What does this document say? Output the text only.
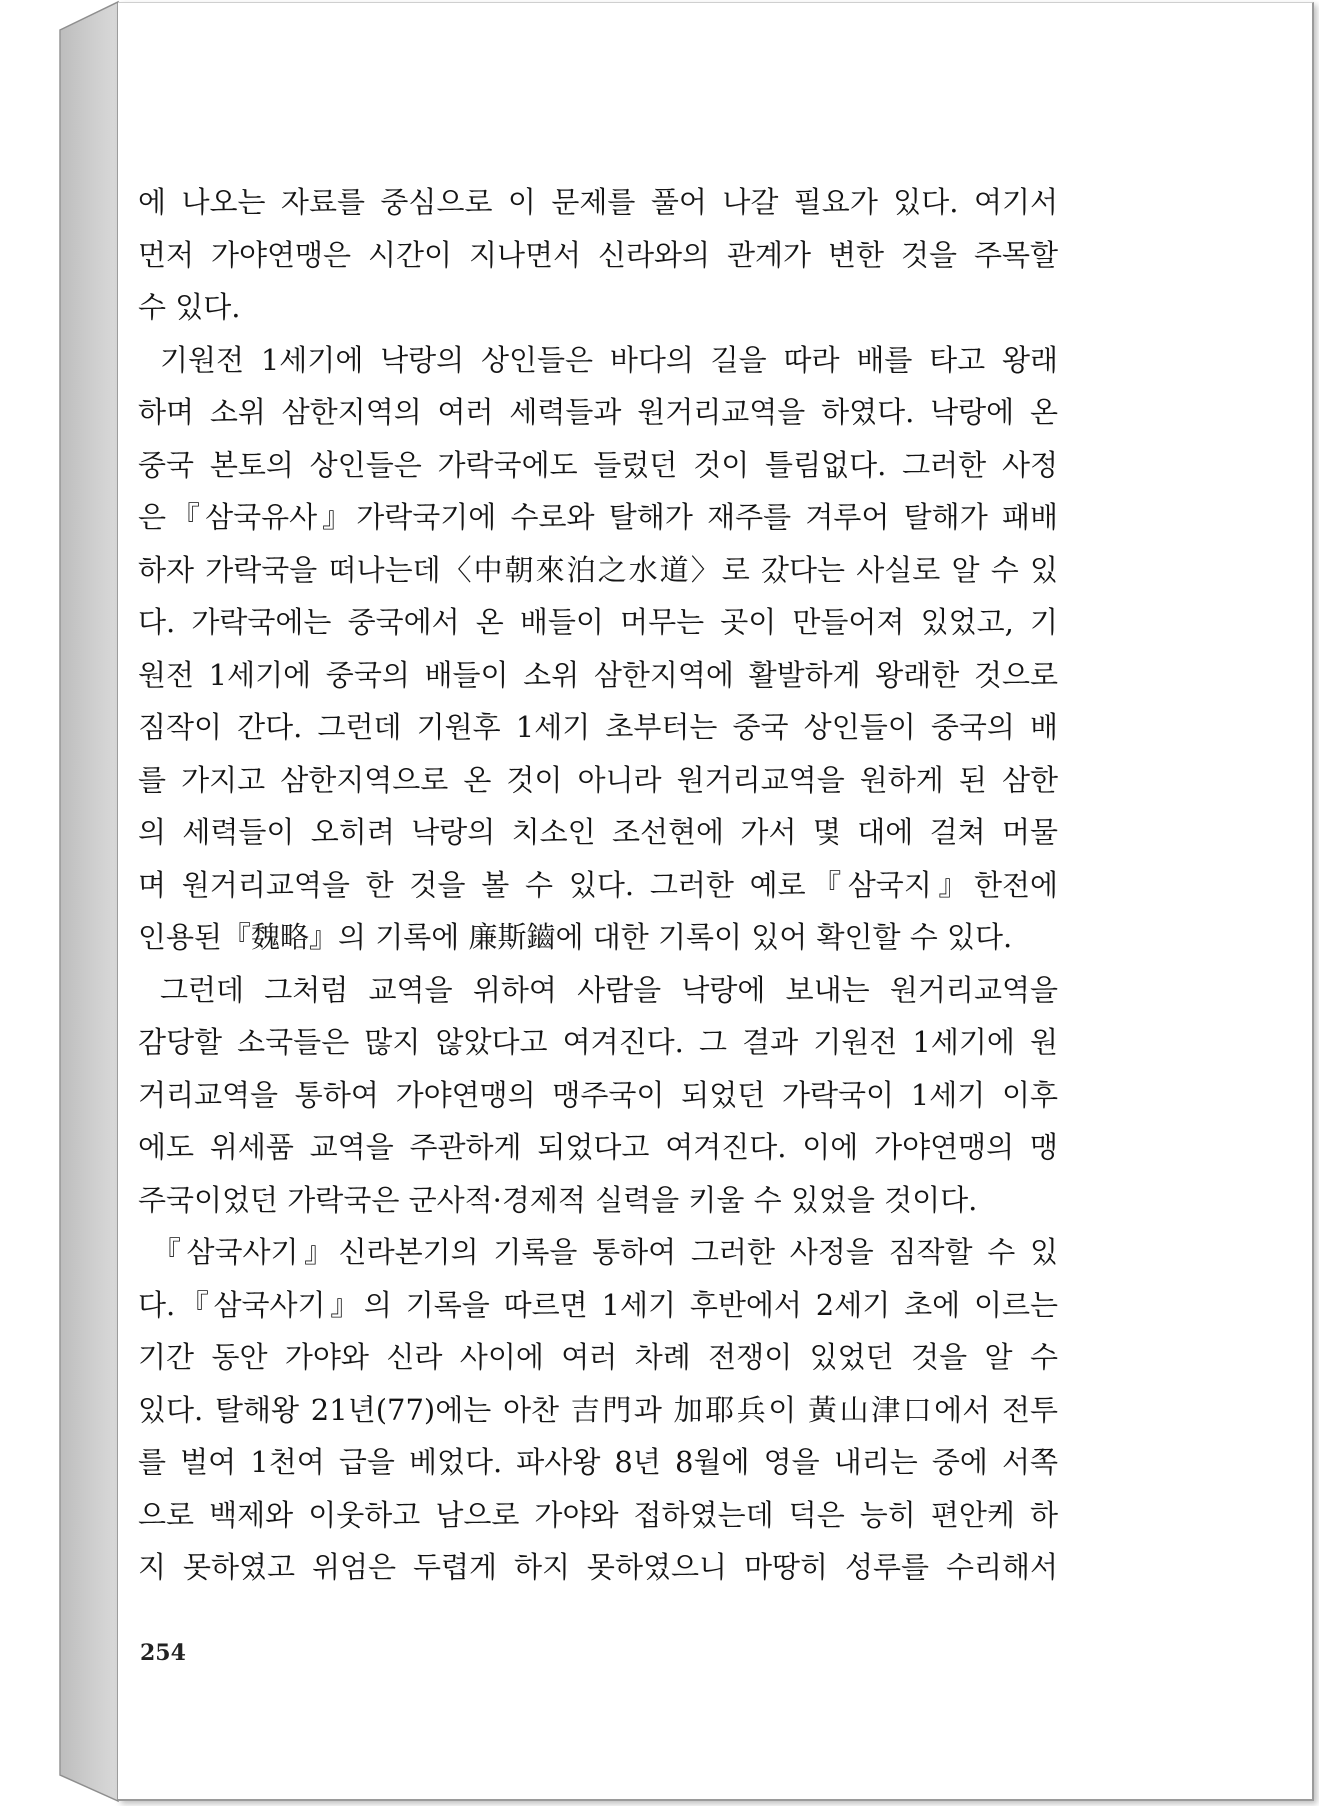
에 나오는 자료를 중심으로 이 문제를 풀어 나갈 필요가 있다. 여기서
먼저 가야연맹은 시간이 지나면서 신라와의 관계가 변한 것을 주목할
수 있다.
기원전 1세기에 낙랑의 상인들은 바다의 길을 따라 배를 타고 왕래
하며 소위 삼한지역의 여러 세력들과 원거리교역을 하였다. 낙랑에 온
중국 본토의 상인들은 가락국에도 들렀던 것이 틀림없다. 그러한 사정
은『삼국유사』가락국기에 수로와 탈해가 재주를 겨루어 탈해가 패배
하자 가락국을 떠나는데〈中朝來泊之水道〉로 갔다는 사실로 알 수 있
다. 가락국에는 중국에서 온 배들이 머무는 곳이 만들어져 있었고, 기
원전 1세기에 중국의 배들이 소위 삼한지역에 활발하게 왕래한 것으로
짐작이 간다. 그런데 기원후 1세기 초부터는 중국 상인들이 중국의 배
를 가지고 삼한지역으로 온 것이 아니라 원거리교역을 원하게 된 삼한
의 세력들이 오히려 낙랑의 치소인 조선현에 가서 몇 대에 걸쳐 머물
며 원거리교역을 한 것을 볼 수 있다. 그러한 예로『삼국지』한전에
인용된『魏略』의 기록에 廉斯鑡에 대한 기록이 있어 확인할 수 있다.
그런데 그처럼 교역을 위하여 사람을 낙랑에 보내는 원거리교역을
감당할 소국들은 많지 않았다고 여겨진다. 그 결과 기원전 1세기에 원
거리교역을 통하여 가야연맹의 맹주국이 되었던 가락국이 1세기 이후
에도 위세품 교역을 주관하게 되었다고 여겨진다. 이에 가야연맹의 맹
주국이었던 가락국은 군사적·경제적 실력을 키울 수 있었을 것이다.
『삼국사기』신라본기의 기록을 통하여 그러한 사정을 짐작할 수 있
다.『삼국사기』의 기록을 따르면 1세기 후반에서 2세기 초에 이르는
기간 동안 가야와 신라 사이에 여러 차례 전쟁이 있었던 것을 알 수
있다. 탈해왕 21년(77)에는 아찬 吉門과 加耶兵이 黃山津口에서 전투
를 벌여 1천여 급을 베었다. 파사왕 8년 8월에 영을 내리는 중에 서쪽
으로 백제와 이웃하고 남으로 가야와 접하였는데 덕은 능히 편안케 하
지 못하였고 위엄은 두렵게 하지 못하였으니 마땅히 성루를 수리해서
254
